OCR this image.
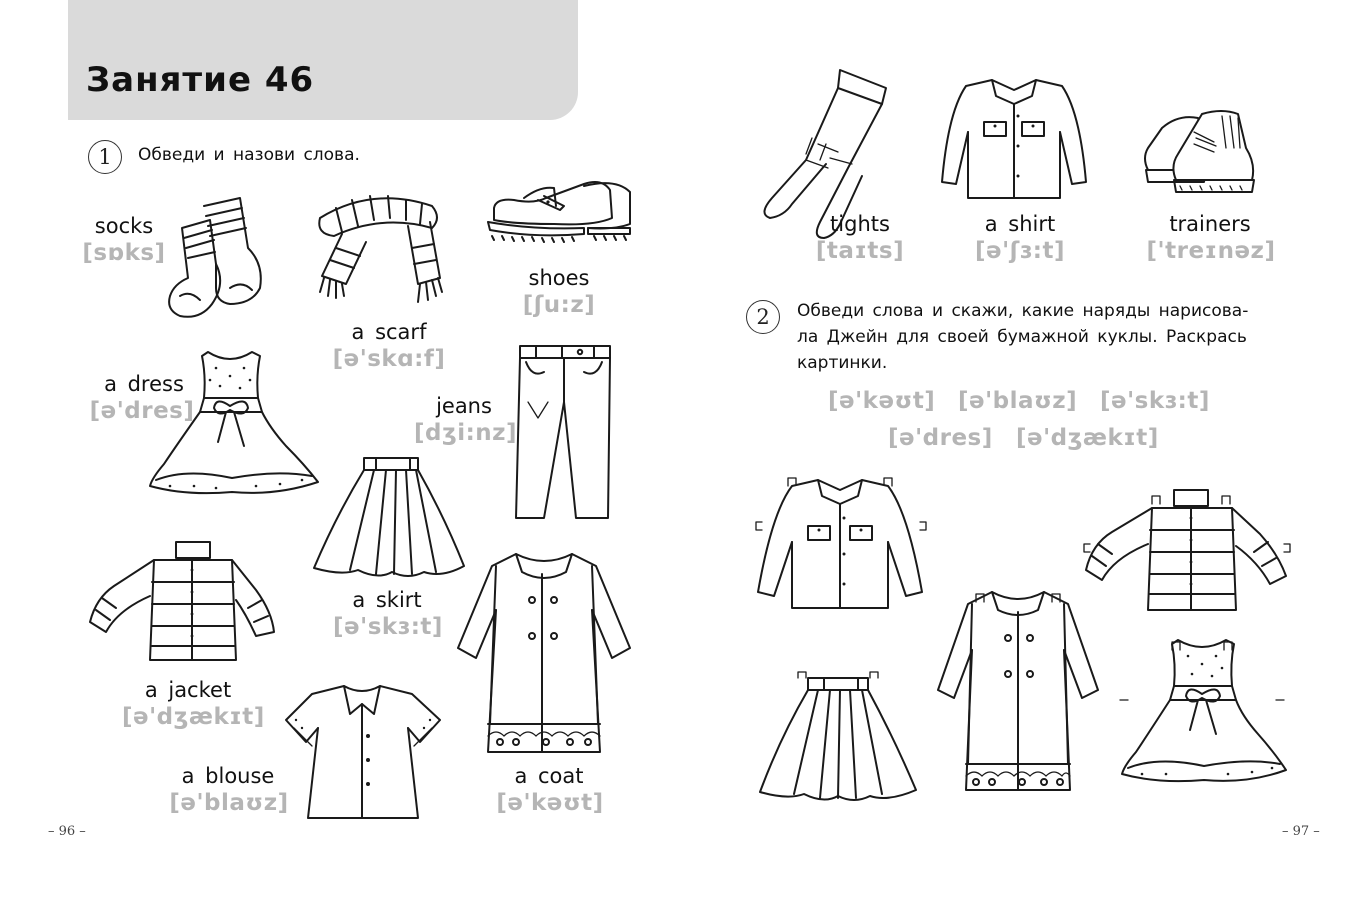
Занятие 46
1	Обведи и назови слова.
socks
[sɒks]
a scarf
[ə'skɑ:f]
shoes
[ʃu:z]
a dress
[ə'dres]	jeans
[dʒi:nz]
a skirt
[ə'skɜ:t]
a jacket
[ə'dʒækɪt]
a blouse
[ə'blaʊz]
a coat
[ə'kəʊt]
– 96 –
tights
[taɪts]
a shirt
[ə'ʃɜ:t]
trainers
['treɪnəz]
2	Обведи слова и скажи, какие наряды нарисова-
ла Джейн для своей бумажной куклы. Раскрась
картинки.
[ə'kəʊt] [ə'blaʊz] [ə'skɜ:t]
[ə'dres] [ə'dʒækɪt]
– 97 –
